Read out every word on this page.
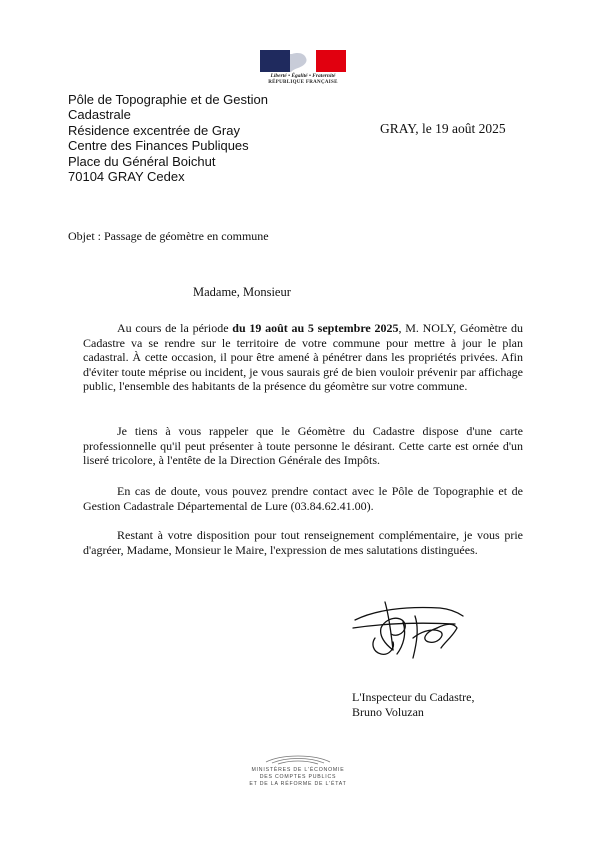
Liberté • Égalité • Fraternité
RÉPUBLIQUE FRANÇAISE
Pôle de Topographie et de Gestion
Cadastrale
Résidence excentrée de Gray
Centre des Finances Publiques
Place du Général Boichut
70104 GRAY Cedex
GRAY, le 19 août 2025
Objet : Passage de géomètre en commune
Madame, Monsieur

Au cours de la période du 19 août au 5 septembre 2025, M. NOLY, Géomètre du Cadastre va se rendre sur le territoire de votre commune pour mettre à jour le plan cadastral. À cette occasion, il pour être amené à pénétrer dans les propriétés privées. Afin d'éviter toute méprise ou incident, je vous saurais gré de bien vouloir prévenir par affichage public, l'ensemble des habitants de la présence du géomètre sur votre commune.

Je tiens à vous rappeler que le Géomètre du Cadastre dispose d'une carte professionnelle qu'il peut présenter à toute personne le désirant. Cette carte est ornée d'un liseré tricolore, à l'entête de la Direction Générale des Impôts.

En cas de doute, vous pouvez prendre contact avec le Pôle de Topographie et de Gestion Cadastrale Départemental de Lure (03.84.62.41.00).

Restant à votre disposition pour tout renseignement complémentaire, je vous prie d'agréer, Madame, Monsieur le Maire, l'expression de mes salutations distinguées.

L'Inspecteur du Cadastre,
Bruno Voluzan
MINISTÈRES DE L'ÉCONOMIE
DES COMPTES PUBLICS
ET DE LA RÉFORME DE L'ÉTAT
